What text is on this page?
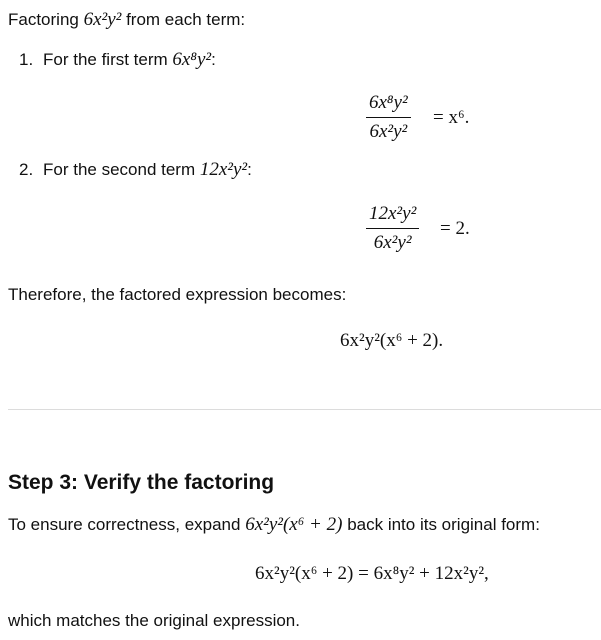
Factoring 6x²y² from each term:
1. For the first term 6x⁸y²:
6x⁸y²
6x²y²
= x⁶.
2. For the second term 12x²y²:
12x²y²
6x²y²
= 2.
Therefore, the factored expression becomes:
6x²y²(x⁶ + 2).
Step 3: Verify the factoring
To ensure correctness, expand 6x²y²(x⁶ + 2) back into its original form:
6x²y²(x⁶ + 2) = 6x⁸y² + 12x²y²,
which matches the original expression.
